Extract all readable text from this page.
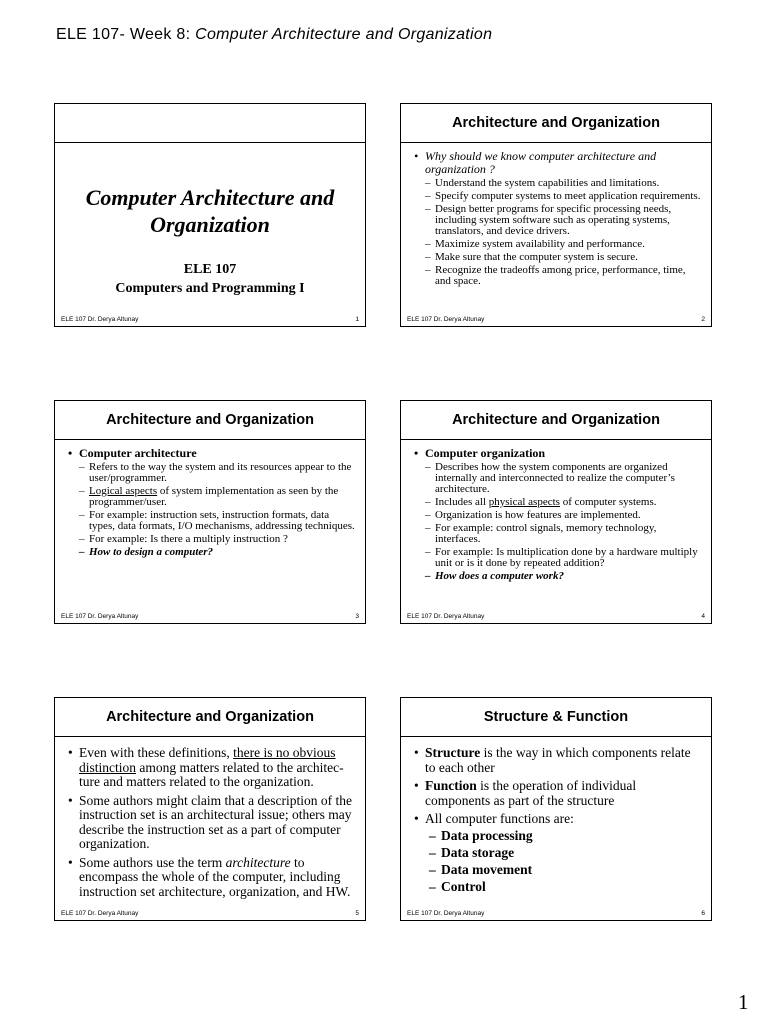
ELE 107- Week 8: Computer Architecture and Organization
Computer Architecture and
Organization
ELE 107
Computers and Programming I
ELE 107 Dr. Derya Altunay	1
Architecture and Organization
• Why should we know computer architecture and organization ?
– Understand the system capabilities and limitations.
– Specify computer systems to meet application requirements.
– Design better programs for specific processing needs, including system software such as operating systems, translators, and device drivers.
– Maximize system availability and performance.
– Make sure that the computer system is secure.
– Recognize the tradeoffs among price, performance, time, and space.
ELE 107 Dr. Derya Altunay	2
Architecture and Organization
• Computer architecture
– Refers to the way the system and its resources appear to the user/programmer.
– Logical aspects of system implementation as seen by the programmer/user.
– For example: instruction sets, instruction formats, data types, data formats, I/O mechanisms, addressing techniques.
– For example: Is there a multiply instruction ?
– How to design a computer?
ELE 107 Dr. Derya Altunay	3
Architecture and Organization
• Computer organization
– Describes how the system components are organized internally and interconnected to realize the computer’s architecture.
– Includes all physical aspects of computer systems.
– Organization is how features are implemented.
– For example: control signals, memory technology, interfaces.
– For example: Is multiplication done by a hardware multiply unit or is it done by repeated addition?
– How does a computer work?
ELE 107 Dr. Derya Altunay	4
Architecture and Organization
• Even with these definitions, there is no obvious distinction among matters related to the architec-ture and matters related to the organization.
• Some authors might claim that a description of the instruction set is an architectural issue; others may describe the instruction set as a part of computer organization.
• Some authors use the term architecture to encompass the whole of the computer, including instruction set architecture, organization, and HW.
ELE 107 Dr. Derya Altunay	5
Structure & Function
• Structure is the way in which components relate to each other
• Function is the operation of individual components as part of the structure
• All computer functions are:
– Data processing
– Data storage
– Data movement
– Control
ELE 107 Dr. Derya Altunay	6
1
